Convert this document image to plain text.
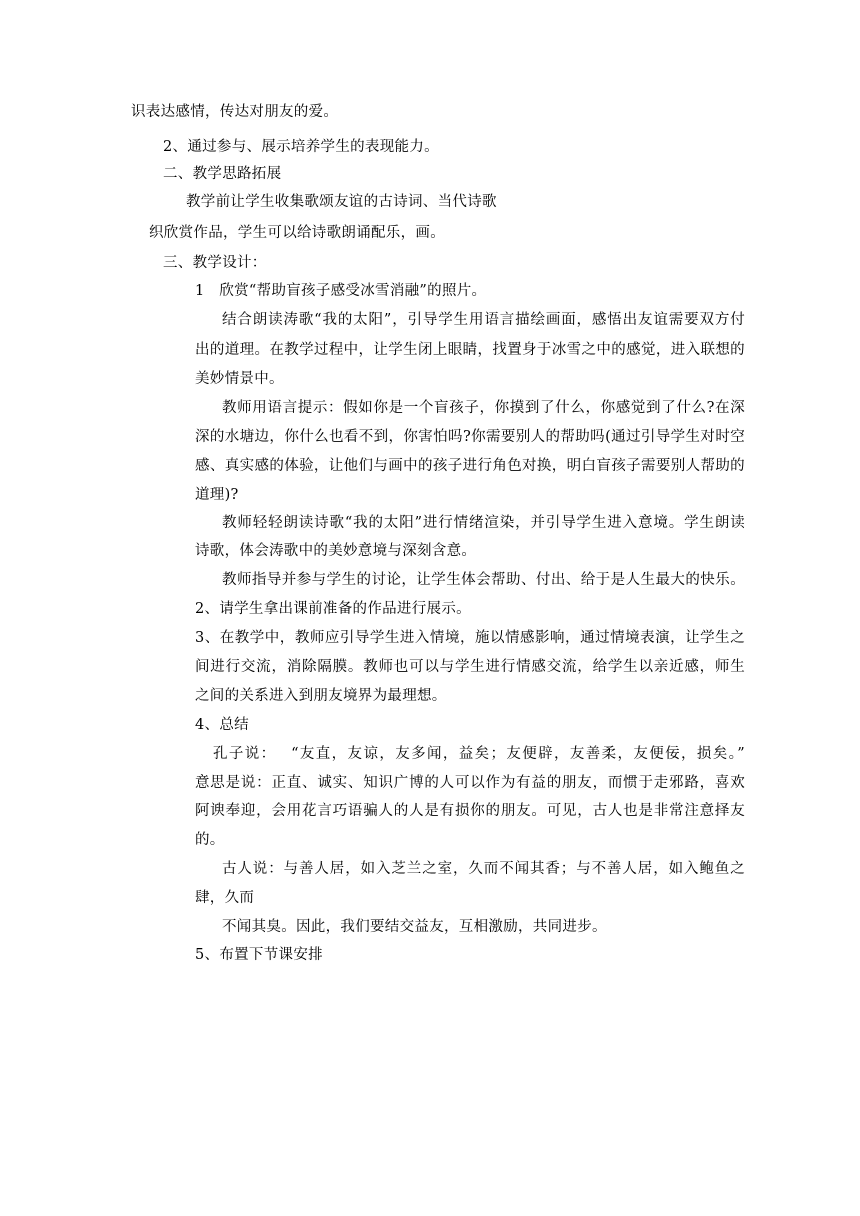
识表达感情，传达对朋友的爱。

2、通过参与、展示培养学生的表现能力。

二、教学思路拓展

教学前让学生收集歌颂友谊的古诗词、当代诗歌

织欣赏作品，学生可以给诗歌朗诵配乐，画。

三、教学设计：

1　欣赏“帮助盲孩子感受冰雪消融”的照片。

结合朗读涛歌“我的太阳”，引导学生用语言描绘画面，感悟出友谊需要双方付

出的道理。在教学过程中，让学生闭上眼睛，找置身于冰雪之中的感觉，进入联想的

美妙情景中。

教师用语言提示：假如你是一个盲孩子，你摸到了什么，你感觉到了什么?在深

深的水塘边，你什么也看不到，你害怕吗?你需要别人的帮助吗(通过引导学生对时空

感、真实感的体验，让他们与画中的孩子进行角色对换，明白盲孩子需要别人帮助的

道理)?

教师轻轻朗读诗歌“我的太阳”进行情绪渲染，并引导学生进入意境。学生朗读

诗歌，体会涛歌中的美妙意境与深刻含意。

教师指导并参与学生的讨论，让学生体会帮助、付出、给于是人生最大的快乐。

2、请学生拿出课前准备的作品进行展示。

3、在教学中，教师应引导学生进入情境，施以情感影响，通过情境表演，让学生之

间进行交流，消除隔膜。教师也可以与学生进行情感交流，给学生以亲近感，师生

之间的关系进入到朋友境界为最理想。

4、总结

孔子说：　 “友直，友谅，友多闻，益矣；友便辟，友善柔，友便佞，损矣。”

意思是说：正直、诚实、知识广博的人可以作为有益的朋友，而惯于走邪路，喜欢

阿谀奉迎，会用花言巧语骗人的人是有损你的朋友。可见，古人也是非常注意择友

的。

古人说：与善人居，如入芝兰之室，久而不闻其香；与不善人居，如入鲍鱼之

肆，久而

不闻其臭。因此，我们要结交益友，互相激励，共同进步。

5、布置下节课安排
